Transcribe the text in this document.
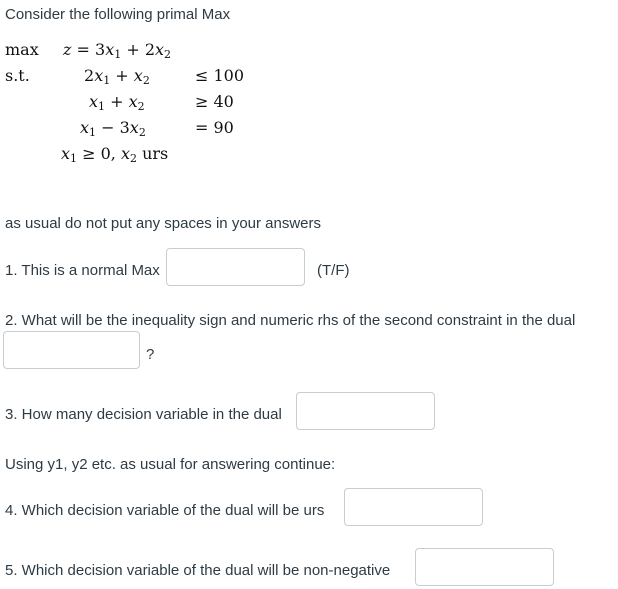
Consider the following primal Max
$\max z = 3x_1 + 2x_2$
s.t.	$2x_1 + x_2$	≤ 100
$x_1 + x_2$	≥ 40
$x_1 - 3x_2$	= 90
$x_1 \ge 0$, $x_2$ urs
as usual do not put any spaces in your answers
1. This is a normal Max	(T/F)
2. What will be the inequality sign and numeric rhs of the second constraint in the dual
?
3. How many decision variable in the dual
Using y1, y2 etc. as usual for answering continue:
4. Which decision variable of the dual will be urs
5. Which decision variable of the dual will be non-negative
